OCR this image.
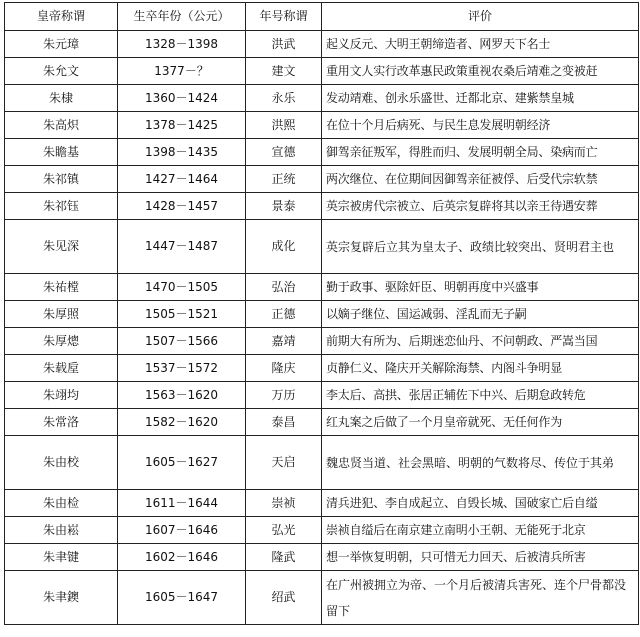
皇帝称谓	生卒年份（公元）	年号称谓	评价
朱元璋	1328－1398	洪武	起义反元、大明王朝缔造者、网罗天下名士
朱允文	1377－？	建文	重用文人实行改革惠民政策重视农桑后靖难之变被赶
朱棣	1360－1424	永乐	发动靖难、创永乐盛世、迁都北京、建紫禁皇城
朱高炽	1378－1425	洪熙	在位十个月后病死、与民生息发展明朝经济
朱瞻基	1398－1435	宣德	御驾亲征叛军，得胜而归、发展明朝全局、染病而亡
朱祁镇	1427－1464	正统	两次继位、在位期间因御驾亲征被俘、后受代宗软禁
朱祁钰	1428－1457	景泰	英宗被虏代宗被立、后英宗复辟将其以亲王待遇安葬
朱见深	1447－1487	成化	英宗复辟后立其为皇太子、政绩比较突出、贤明君主也
朱祐樘	1470－1505	弘治	勤于政事、驱除奸臣、明朝再度中兴盛事
朱厚照	1505－1521	正德	以嫡子继位、国运减弱、淫乱而无子嗣
朱厚熜	1507－1566	嘉靖	前期大有所为、后期迷恋仙丹、不问朝政、严嵩当国
朱载垕	1537－1572	隆庆	贞静仁义、隆庆开关解除海禁、内阁斗争明显
朱翊均	1563－1620	万历	李太后、高拱、张居正辅佐下中兴、后期怠政转危
朱常洛	1582－1620	泰昌	红丸案之后做了一个月皇帝就死、无任何作为
朱由校	1605－1627	天启	魏忠贤当道、社会黑暗、明朝的气数将尽、传位于其弟
朱由检	1611－1644	崇祯	清兵进犯、李自成起立、自毁长城、国破家亡后自缢
朱由崧	1607－1646	弘光	崇祯自缢后在南京建立南明小王朝、无能死于北京
朱聿键	1602－1646	隆武	想一举恢复明朝，只可惜无力回天、后被清兵所害
朱聿鐭	1605－1647	绍武	在广州被拥立为帝、一个月后被清兵害死、连个尸骨都没留下
